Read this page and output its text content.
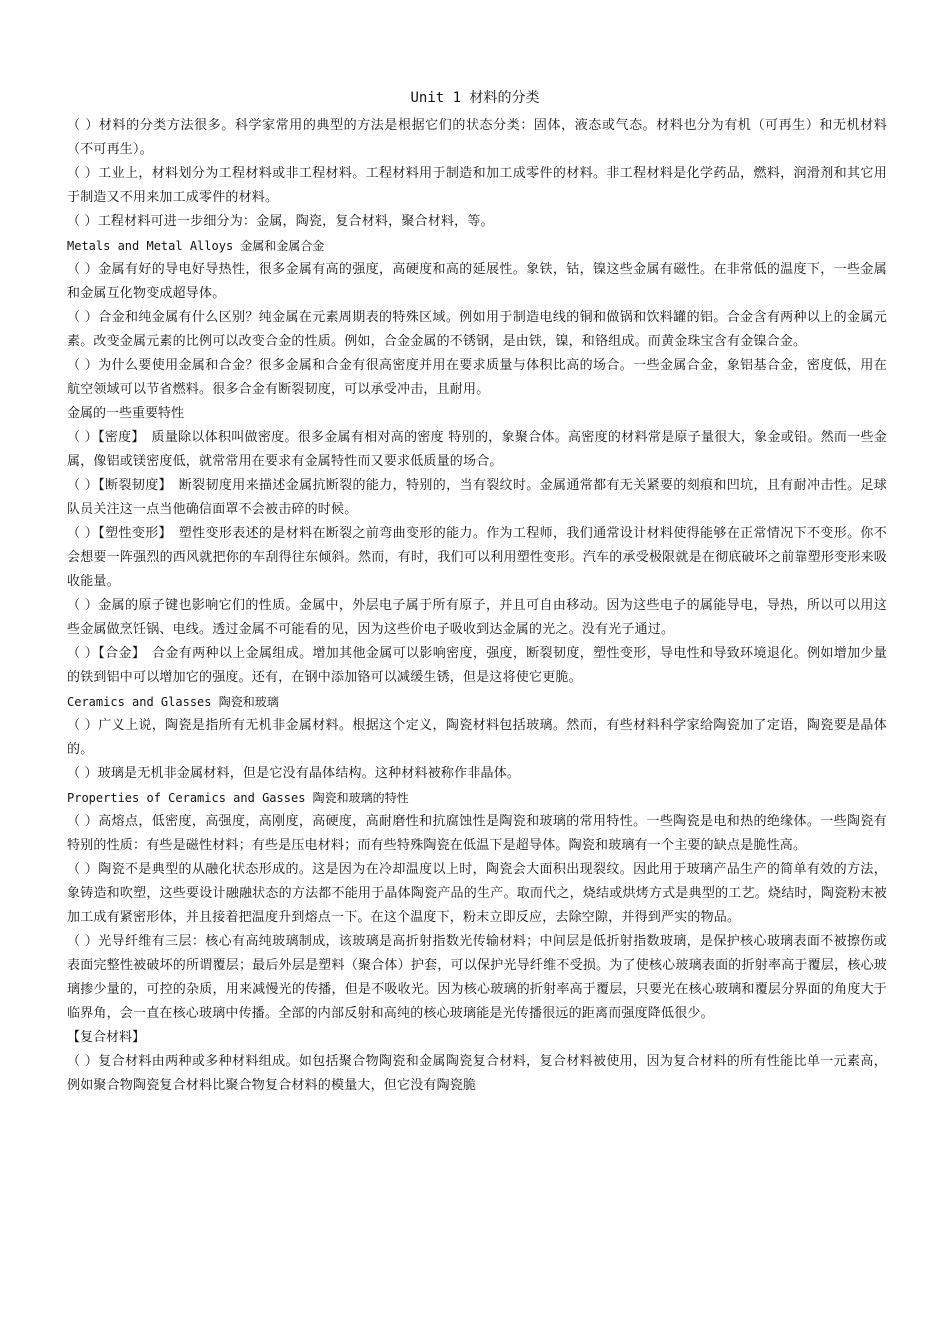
Unit 1 材料的分类

（ ）材料的分类方法很多。科学家常用的典型的方法是根据它们的状态分类：固体，液态或气态。材料也分为有机（可再生）和无机材料（不可再生）。

（ ）工业上，材料划分为工程材料或非工程材料。工程材料用于制造和加工成零件的材料。非工程材料是化学药品，燃料，润滑剂和其它用于制造又不用来加工成零件的材料。

（ ）工程材料可进一步细分为：金属，陶瓷，复合材料，聚合材料，等。

Metals and Metal Alloys 金属和金属合金

（ ）金属有好的导电好导热性，很多金属有高的强度，高硬度和高的延展性。象铁，钴，镍这些金属有磁性。在非常低的温度下，一些金属和金属互化物变成超导体。

（ ）合金和纯金属有什么区别？纯金属在元素周期表的特殊区域。例如用于制造电线的铜和做锅和饮料罐的铝。合金含有两种以上的金属元素。改变金属元素的比例可以改变合金的性质。例如，合金金属的不锈钢，是由铁，镍，和铬组成。而黄金珠宝含有金镍合金。

（ ）为什么要使用金属和合金？很多金属和合金有很高密度并用在要求质量与体积比高的场合。一些金属合金，象铝基合金，密度低，用在航空领域可以节省燃料。很多合金有断裂韧度，可以承受冲击，且耐用。

金属的一些重要特性

（ ）【密度】　质量除以体积叫做密度。很多金属有相对高的密度 特别的，象聚合体。高密度的材料常是原子量很大，象金或铅。然而一些金属，像铝或镁密度低，就常常用在要求有金属特性而又要求低质量的场合。

（ ）【断裂韧度】　断裂韧度用来描述金属抗断裂的能力，特别的，当有裂纹时。金属通常都有无关紧要的刻痕和凹坑，且有耐冲击性。足球队员关注这一点当他确信面罩不会被击碎的时候。

（ ）【塑性变形】　塑性变形表述的是材料在断裂之前弯曲变形的能力。作为工程师，我们通常设计材料使得能够在正常情况下不变形。你不会想要一阵强烈的西风就把你的车刮得往东倾斜。然而，有时，我们可以利用塑性变形。汽车的承受极限就是在彻底破坏之前靠塑形变形来吸收能量。

（ ）金属的原子键也影响它们的性质。金属中，外层电子属于所有原子，并且可自由移动。因为这些电子的属能导电，导热，所以可以用这些金属做烹饪锅、电线。透过金属不可能看的见，因为这些价电子吸收到达金属的光之。没有光子通过。

（ ）【合金】　合金有两种以上金属组成。增加其他金属可以影响密度，强度，断裂韧度，塑性变形，导电性和导致环境退化。例如增加少量的铁到铝中可以增加它的强度。还有，在钢中添加铬可以减缓生锈，但是这将使它更脆。

Ceramics and Glasses 陶瓷和玻璃

（ ）广义上说，陶瓷是指所有无机非金属材料。根据这个定义，陶瓷材料包括玻璃。然而，有些材料科学家给陶瓷加了定语，陶瓷要是晶体的。

（ ）玻璃是无机非金属材料，但是它没有晶体结构。这种材料被称作非晶体。

Properties of Ceramics and Gasses 陶瓷和玻璃的特性

（ ）高熔点，低密度，高强度，高刚度，高硬度，高耐磨性和抗腐蚀性是陶瓷和玻璃的常用特性。一些陶瓷是电和热的绝缘体。一些陶瓷有特别的性质：有些是磁性材料；有些是压电材料；而有些特殊陶瓷在低温下是超导体。陶瓷和玻璃有一个主要的缺点是脆性高。

（ ）陶瓷不是典型的从融化状态形成的。这是因为在冷却温度以上时，陶瓷会大面积出现裂纹。因此用于玻璃产品生产的简单有效的方法，象铸造和吹塑，这些要设计融融状态的方法都不能用于晶体陶瓷产品的生产。取而代之，烧结或烘烤方式是典型的工艺。烧结时，陶瓷粉末被加工成有紧密形体，并且接着把温度升到熔点一下。在这个温度下，粉末立即反应，去除空隙，并得到严实的物品。

（ ）光导纤维有三层：核心有高纯玻璃制成，该玻璃是高折射指数光传输材料；中间层是低折射指数玻璃，是保护核心玻璃表面不被擦伤或表面完整性被破坏的所谓覆层；最后外层是塑料（聚合体）护套，可以保护光导纤维不受损。为了使核心玻璃表面的折射率高于覆层，核心玻璃掺少量的，可控的杂质，用来减慢光的传播，但是不吸收光。因为核心玻璃的折射率高于覆层，只要光在核心玻璃和覆层分界面的角度大于临界角，会一直在核心玻璃中传播。全部的内部反射和高纯的核心玻璃能是光传播很远的距离而强度降低很少。

【复合材料】

（ ）复合材料由两种或多种材料组成。如包括聚合物陶瓷和金属陶瓷复合材料，复合材料被使用，因为复合材料的所有性能比单一元素高，例如聚合物陶瓷复合材料比聚合物复合材料的模量大，但它没有陶瓷脆
